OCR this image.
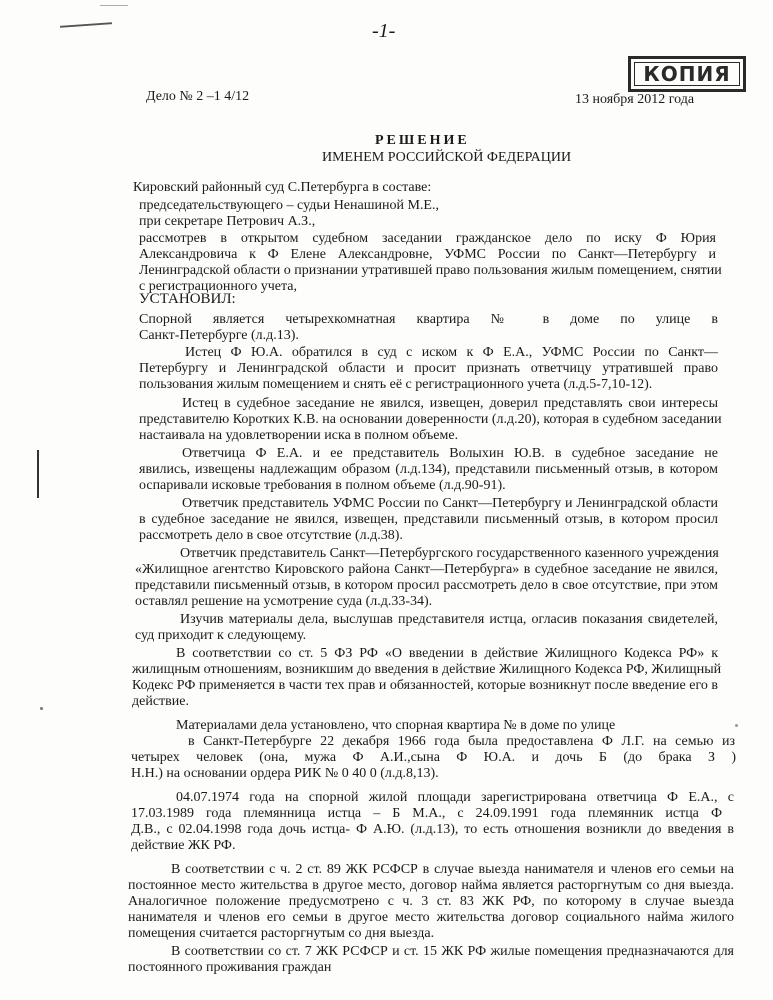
-1-
КОПИЯ
Дело № 2 –1 4/12	13 ноября 2012 года
РЕШЕНИЕ
ИМЕНЕМ РОССИЙСКОЙ ФЕДЕРАЦИИ
Кировский районный суд С.Петербурга в составе:
председательствующего – судьи Ненашиной М.Е.,
при секретаре Петрович А.З.,
рассмотрев в открытом судебном заседании гражданское дело по иску Ф Юрия
Александровича к Ф Елене Александровне, УФМС России по Санкт—Петербургу и
Ленинградской области о признании утратившей право пользования жилым помещением, снятии
с регистрационного учета,
УСТАНОВИЛ:
Спорной является четырехкомнатная квартира № в доме по улице в
Санкт-Петербурге (л.д.13).
Истец Ф Ю.А. обратился в суд с иском к Ф Е.А., УФМС России по Санкт—
Петербургу и Ленинградской области и просит признать ответчицу утратившей право
пользования жилым помещением и снять её с регистрационного учета (л.д.5-7,10-12).
Истец в судебное заседание не явился, извещен, доверил представлять свои интересы
представителю Коротких К.В. на основании доверенности (л.д.20), которая в судебном заседании
настаивала на удовлетворении иска в полном объеме.
Ответчица Ф Е.А. и ее представитель Волыхин Ю.В. в судебное заседание не
явились, извещены надлежащим образом (л.д.134), представили письменный отзыв, в котором
оспаривали исковые требования в полном объеме (л.д.90-91).
Ответчик представитель УФМС России по Санкт—Петербургу и Ленинградской области
в судебное заседание не явился, извещен, представили письменный отзыв, в котором просил
рассмотреть дело в свое отсутствие (л.д.38).
Ответчик представитель Санкт—Петербургского государственного казенного учреждения
«Жилищное агентство Кировского района Санкт—Петербурга» в судебное заседание не явился,
представили письменный отзыв, в котором просил рассмотреть дело в свое отсутствие, при этом
оставлял решение на усмотрение суда (л.д.33-34).
Изучив материалы дела, выслушав представителя истца, огласив показания свидетелей,
суд приходит к следующему.
В соответствии со ст. 5 ФЗ РФ «О введении в действие Жилищного Кодекса РФ» к
жилищным отношениям, возникшим до введения в действие Жилищного Кодекса РФ, Жилищный
Кодекс РФ применяется в части тех прав и обязанностей, которые возникнут после введение его в
действие.
Материалами дела установлено, что спорная квартира № в доме по улице
в Санкт-Петербурге 22 декабря 1966 года была предоставлена Ф Л.Г. на семью из
четырех человек (она, мужа Ф А.И.,сына Ф Ю.А. и дочь Б (до брака З )
Н.Н.) на основании ордера РИК № 0 40 0 (л.д.8,13).
04.07.1974 года на спорной жилой площади зарегистрирована ответчица Ф Е.А., с
17.03.1989 года племянница истца – Б М.А., с 24.09.1991 года племянник истца Ф
Д.В., с 02.04.1998 года дочь истца- Ф А.Ю. (л.д.13), то есть отношения возникли до введения в
действие ЖК РФ.
В соответствии с ч. 2 ст. 89 ЖК РСФСР в случае выезда нанимателя и членов его семьи на
постоянное место жительства в другое место, договор найма является расторгнутым со дня выезда.
Аналогичное положение предусмотрено с ч. 3 ст. 83 ЖК РФ, по которому в случае выезда
нанимателя и членов его семьи в другое место жительства договор социального найма жилого
помещения считается расторгнутым со дня выезда.
В соответствии со ст. 7 ЖК РСФСР и ст. 15 ЖК РФ жилые помещения предназначаются для
постоянного проживания граждан
